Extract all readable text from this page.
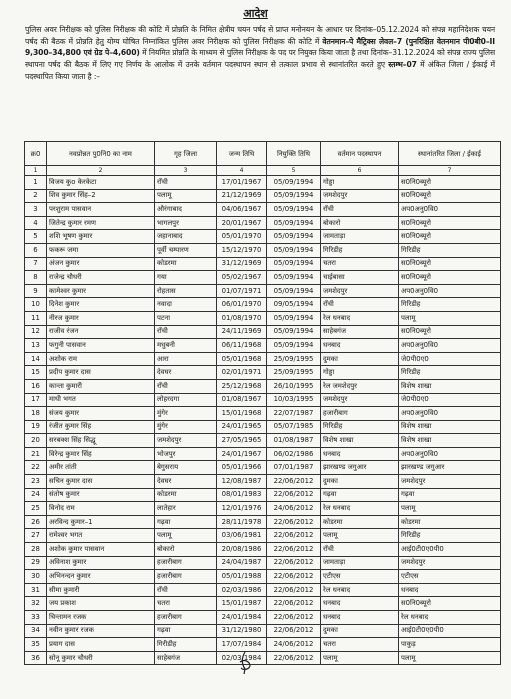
आदेश
पुलिस अवर निरीक्षक को पुलिस निरीक्षक की कोटि में प्रोन्नति के निमित क्षेत्रीय चयन पर्षद से प्राप्त मनोनयन के आधार पर दिनांक–05.12.2024 को संपन्न महानिदेशक चयन पर्षद की बैठक में प्रोन्नति हेतु योग्य घोषित निम्नांकित पुलिस अवर निरीक्षक को पुलिस निरीक्षक की कोटि में वेतनमान–पे मैट्रिक्स लेवल–7 (पुनरिक्षित वेतनमान पी0बी0–II 9,300–34,800 एवं ग्रेड पे–4,600) में नियमित प्रोन्नति के माध्यम से पुलिस निरीक्षक के पद पर नियुक्त किया जाता है तथा दिनांक–31.12.2024 को संपन्न राज्य पुलिस स्थापना पर्षद की बैठक में लिए गए निर्णय के आलोक में उनके वर्तमान पदस्थापन स्थान से तत्काल प्रभाव से स्थानांतरित करते हुए स्तम्भ–07 में अंकित जिला / ईकाई में पदस्थापित किया जाता है :–
क्र0	नवप्रोन्नत पु0नि0 का नाम	गृह जिला	जन्म तिथि	नियुक्ति तिथि	वर्तमान पदस्थापन	स्थानांतरित जिला / ईकाई
1	2	3	4	5	6	7
1	विजय कुo केरकेटा	राँची	17/01/1967	05/09/1994	गोड्डा	स0नि0ब्यूरो
2	शिव कुमार सिंह–2	पलामू	21/12/1969	05/09/1994	जमशेदपुर	स0नि0ब्यूरो
3	परशुराम पासवान	औरंगाबाद	04/06/1967	05/09/1994	राँची	अप0अनु0वि0
4	जितेन्द्र कुमार रमण	भागलपुर	20/01/1967	05/09/1994	बोकारो	स0नि0ब्यूरो
5	शशि भूषण कुमार	जहानाबाद	05/01/1970	05/09/1994	जामताड़ा	स0नि0ब्यूरो
6	फकरू जमा	पूर्वी चम्पारण	15/12/1970	05/09/1994	गिरिडीह	गिरिडीह
7	अंजन कुमार	कोडरमा	31/12/1969	05/09/1994	चतरा	स0नि0ब्यूरो
8	राजेन्द्र चौधरी	गया	05/02/1967	05/09/1994	चाईबासा	स0नि0ब्यूरो
9	कामेश्वर कुमार	रोहतास	01/07/1971	05/09/1994	जमशेदपुर	अप0अनु0वि0
10	दिनेश कुमार	नवादा	06/01/1970	09/05/1994	राँची	गिरिडीह
11	नीरज कुमार	पटना	01/08/1970	05/09/1994	रेल धनबाद	पलामू
12	राजीव रंजन	राँची	24/11/1969	05/09/1994	साहेबगंज	स0नि0ब्यूरो
13	फगुनी पासवान	मधुबनी	06/11/1968	05/09/1994	धनबाद	अप0अनु0वि0
14	अशोक राम	आरा	05/01/1968	25/09/1995	दुमका	जे0पी0ए0
15	प्रदीप कुमार दास	देवघर	02/01/1971	25/09/1995	गोड्डा	गिरिडीह
16	कान्ता कुमारी	राँची	25/12/1968	26/10/1995	रेल जमशेदपुर	विशेष शाखा
17	माधी भगत	लोहरदगा	01/08/1967	10/03/1995	जमशेदपुर	जे0पी0ए0
18	संजय कुमार	मुंगेर	15/01/1968	22/07/1987	हजारीबाग	अप0अनु0वि0
19	रंजीत कुमार सिंह	मुंगेर	24/01/1965	05/07/1985	गिरिडीह	विशेष शाखा
20	सरबक्श सिंह सिद्धू	जमशेदपुर	27/05/1965	01/08/1987	विशेष शाखा	विशेष शाखा
21	विरेन्द्र कुमार सिंह	भोजपुर	24/01/1967	06/02/1986	धनबाद	अप0अनु0वि0
22	अमीर तांती	बेगुसराय	05/01/1966	07/01/1987	झारखण्ड जगुआर	झारखण्ड जगुआर
23	सचिन कुमार दास	देवघर	12/08/1987	22/06/2012	दुमका	जमशेदपुर
24	संतोष कुमार	कोडरमा	08/01/1983	22/06/2012	गढ़वा	गढ़वा
25	विनोद राम	लातेहार	12/01/1976	24/06/2012	रेल धनबाद	पलामू
26	अरविन्द कुमार–1	गढ़वा	28/11/1978	22/06/2012	कोडरमा	कोडरमा
27	रामेश्वर भगत	पलामू	03/06/1981	22/06/2012	पलामू	गिरिडीह
28	अशोक कुमार पासवान	बोकारो	20/08/1986	22/06/2012	राँची	आई0टी0ए0पी0
29	अविनाश कुमार	हजारीबाग	24/04/1987	22/06/2012	जामताड़ा	जमशेदपुर
30	अभिनन्दन कुमार	हजारीबाग	05/01/1988	22/06/2012	एटीएस	एटीएस
31	सीमा कुमारी	राँची	02/03/1986	22/06/2012	रेल धनबाद	धनबाद
32	जय प्रकाश	चतरा	15/01/1987	22/06/2012	धनबाद	स0नि0ब्यूरो
33	चिन्तामन रजक	हजारीबाग	24/01/1984	22/06/2012	धनबाद	रेल धनबाद
34	नवीन कुमार रजक	गढ़वा	31/12/1980	22/06/2012	दुमका	आई0टी0ए0पी0
35	प्रयाग दास	गिरीडीह	17/07/1984	24/06/2012	चतरा	पाकुड़
36	सोनू कुमार चौधरी	साहेबगंज	02/03/1984	22/06/2012	पलामू	पलामू
